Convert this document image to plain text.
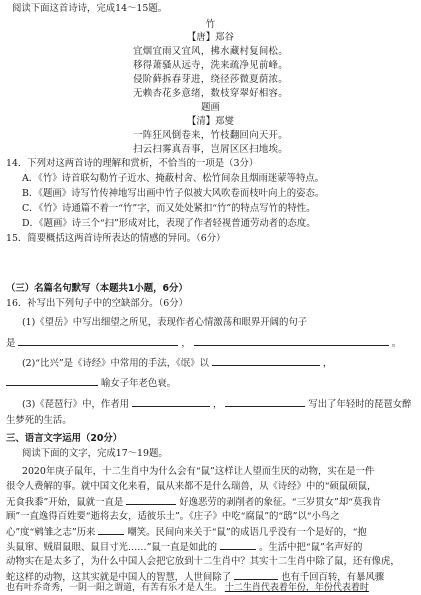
阅读下面这首诗诗，完成14～15题。
竹
【唐】郑谷
宜烟宜雨又宜风，拂水藏村复间松。
移得萧骚从远寺，洗来疏净见前峰。
侵阶藓拆春芽进，绕径莎微夏荫浓。
无赖杏花多意绪，数枝穿翠好相容。
题画
【清】郑燮
一阵狂风倒卷来，竹枝翻回向天开。
扫云扫雾真吾事，岂屑区区扫地埃。
14．下列对这两首诗的理解和赏析，不恰当的一项是（3分）
A．《竹》诗首联勾勒竹子近水、掩蔽村舍、松竹间杂且烟雨迷蒙等特点。
B．《题画》诗写竹传神地写出画中竹子似被大风吹卷而枝叶向上的姿态。
C．《竹》诗通篇不着一“竹”字，而又处处紧扣“竹”的特点写竹的特性。
D．《题画》诗三个“扫”形成对比，表现了作者轻视普通劳动者的态度。
15．简要概括这两首诗所表达的情感的异同。（6分）
（三）名篇名句默写（本题共1小题，6分）
16．补写出下列句子中的空缺部分。（6分）
(1)《望岳》中写出细望之所见，表现作者心情激荡和眼界开阔的句子
是	，	。
(2)“比兴”是《诗经》中常用的手法，《氓》以	，
喻女子年老色衰。
(3)《琵琶行》中，作者用	，	写出了年轻时的琵琶女醉
生梦死的生活。
三、语言文字运用（20分）
阅读下面的文字，完成17～19题。
2020年庚子鼠年，十二生肖中为什么会有“鼠”这样让人望而生厌的动物，实在是一件
很令人费解的事。就中国文化来看，鼠从来都不是什么瑞兽，从《诗经》中的“硕鼠硕鼠，
无食我黍”开始，鼠就一直是	好逸恶劳的剥削者的象征。“三岁贯女”却“莫我肯
顾”一直逸得百姓要“逝将去女，适彼乐土”。《庄子》中吃“腐鼠”的“鸱”以“小鸟之
心”度“鹓雏之志”历来	嘲笑。民间向来关于“鼠”的成语几乎没有一个是好的，“抱
头鼠窜、贼眉鼠眼、鼠目寸光……”鼠一直是如此的	。生活中把“鼠”名声好的
动物实在是太多了，为什么中国人会把它放到十二生肖中？其实十二生肖中除了鼠，还有像虎，
蛇这样的动物，这其实就是中国人的智慧，人世间除了	也有千回百转，有暴风骤
也有叶乔奇秀，一阴一阳之谓道，有苦有乐才是人生。 十二生肖代表着年份，年份代表着时
